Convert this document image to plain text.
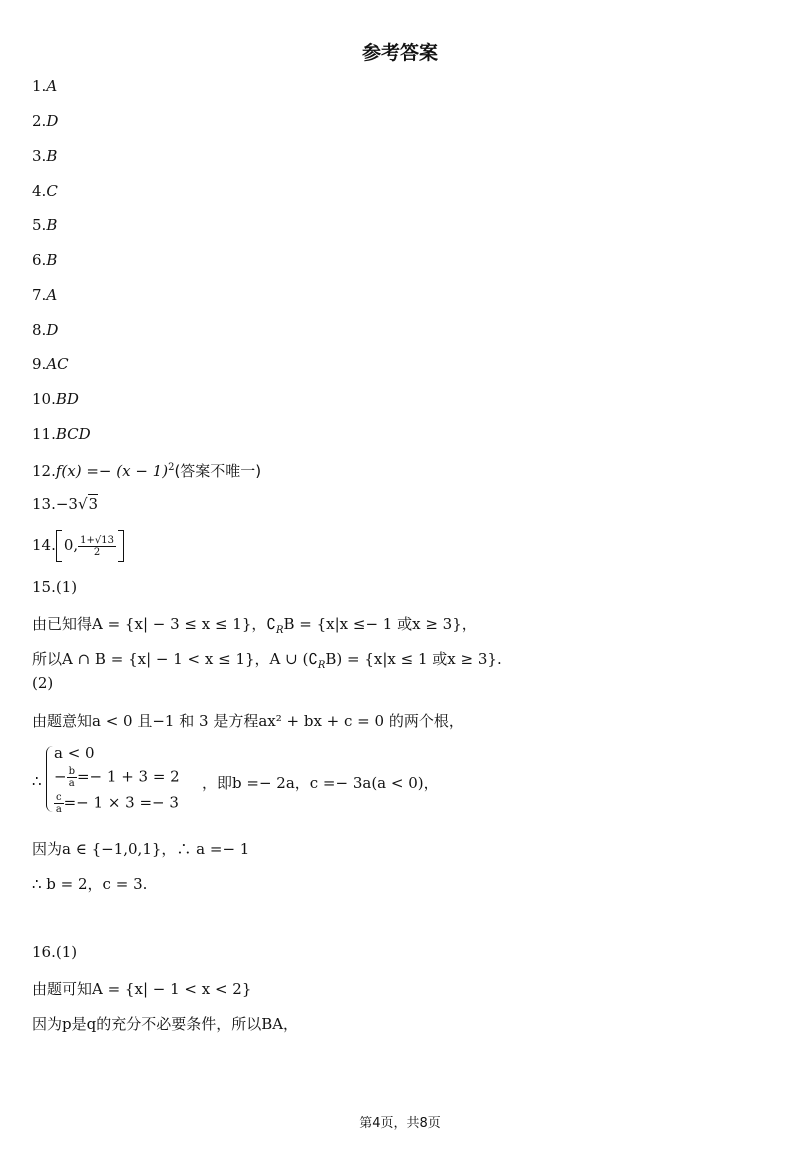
参考答案
1.A
2.D
3.B
4.C
5.B
6.B
7.A
8.D
9.AC
10.BD
11.BCD
$12.f(x) =- (x - 1)^2$(答案不唯一)
13.−3√3
14. 0, $\frac{1+√13}{2}$
15.(1)
由已知得A = {x| − 3 ≤ x ≤ 1}，$∁_RB = \{x|x \le- 1$ 或x ≥ 3}，
所以A ∩ B = {x| − 1 < x ≤ 1}，A ∪ $(∁_RB) = \{x|x \le 1$ 或x ≥ 3}.
(2)
由题意知a < 0 且−1 和 3 是方程ax² + bx + c = 0 的两个根，
∴
a < 0
− $\frac{b}{a} =- 1 + 3 = 2$
$\frac{c}{a} =- 1 \times 3 =- 3$
，即b =− 2a，c =− 3a(a < 0)，
因为a ∈ {−1,0,1}，∴ a =− 1
∴ b = 2，c = 3.
16.(1)
由题可知A = {x| − 1 < x < 2}
因为p是q的充分不必要条件，所以BA，
第4页，共8页
